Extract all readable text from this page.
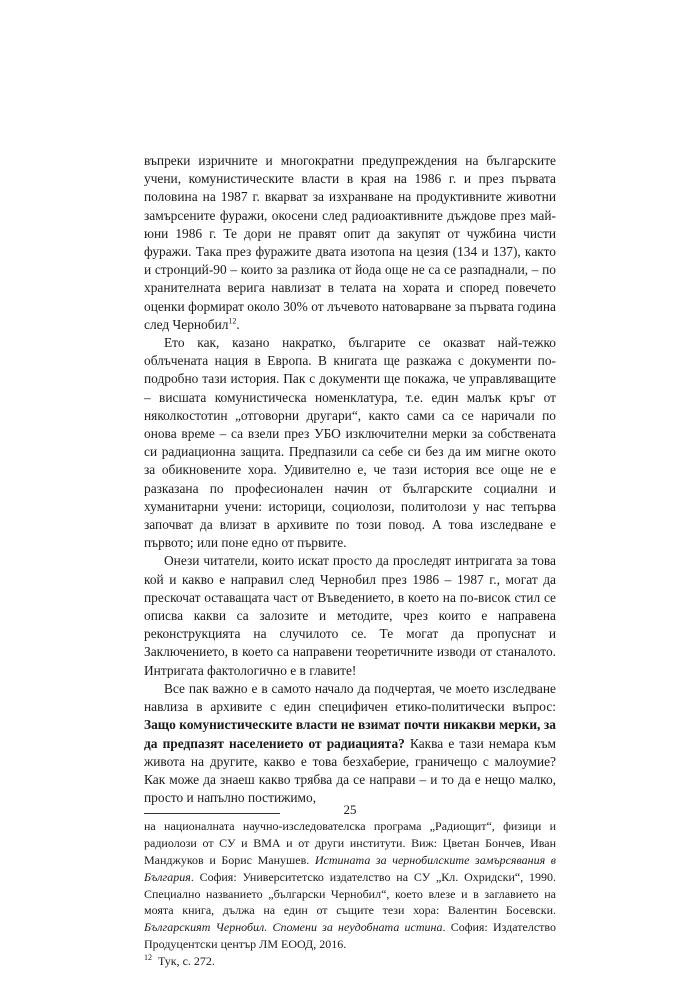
въпреки изричните и многократни предупреждения на българските учени, комунистическите власти в края на 1986 г. и през първата половина на 1987 г. вкарват за изхранване на продуктивните животни замърсените фуражи, окосени след радиоактивните дъждове през май-юни 1986 г. Те дори не правят опит да закупят от чужбина чисти фуражи. Така през фуражите двата изотопа на цезия (134 и 137), както и стронций-90 – които за разлика от йода още не са се разпаднали, – по хранителната верига навлизат в телата на хората и според повечето оценки формират около 30% от лъчевото натоварване за първата година след Чернобил$^{12}$.

Ето как, казано накратко, българите се оказват най-тежко облъчената нация в Европа. В книгата ще разкажа с документи по-подробно тази история. Пак с документи ще покажа, че управляващите – висшата комунистическа номенклатура, т.е. един малък кръг от няколкостотин „отговорни другари“, както сами са се наричали по онова време – са взели през УБО изключителни мерки за собствената си радиационна защита. Предпазили са себе си без да им мигне окото за обикновените хора. Удивително е, че тази история все още не е разказана по професионален начин от българските социални и хуманитарни учени: историци, социолози, политолози у нас тепърва започват да влизат в архивите по този повод. А това изследване е първото; или поне едно от първите.

Онези читатели, които искат просто да проследят интригата за това кой и какво е направил след Чернобил през 1986 – 1987 г., могат да прескочат оставащата част от Въведението, в което на по-висок стил се описва какви са залозите и методите, чрез които е направена реконструкцията на случилото се. Те могат да пропуснат и Заключението, в което са направени теоретичните изводи от станалото. Интригата фактологично е в главите!

Все пак важно е в самото начало да подчертая, че моето изследване навлиза в архивите с един специфичен етико-политически въпрос: Защо комунистическите власти не взимат почти никакви мерки, за да предпазят населението от радиацията? Каква е тази немара към живота на другите, какво е това безхаберие, граничещо с малоумие? Как може да знаеш какво трябва да се направи – и то да е нещо малко, просто и напълно постижимо,

на националната научно-изследователска програма „Радиощит“, физици и радиолози от СУ и ВМА и от други институти. Виж: Цветан Бончев, Иван Манджуков и Борис Манушев. Истината за чернобилските замърсявания в България. София: Университетско издателство на СУ „Кл. Охридски“, 1990. Специално названието „български Чернобил“, което влезе и в заглавието на моята книга, дължа на един от същите тези хора: Валентин Босевски. Българският Чернобил. Спомени за неудобната истина. София: Издателство Продуцентски център ЛМ ЕООД, 2016.

$^{12}$ Тук, с. 272.

25
